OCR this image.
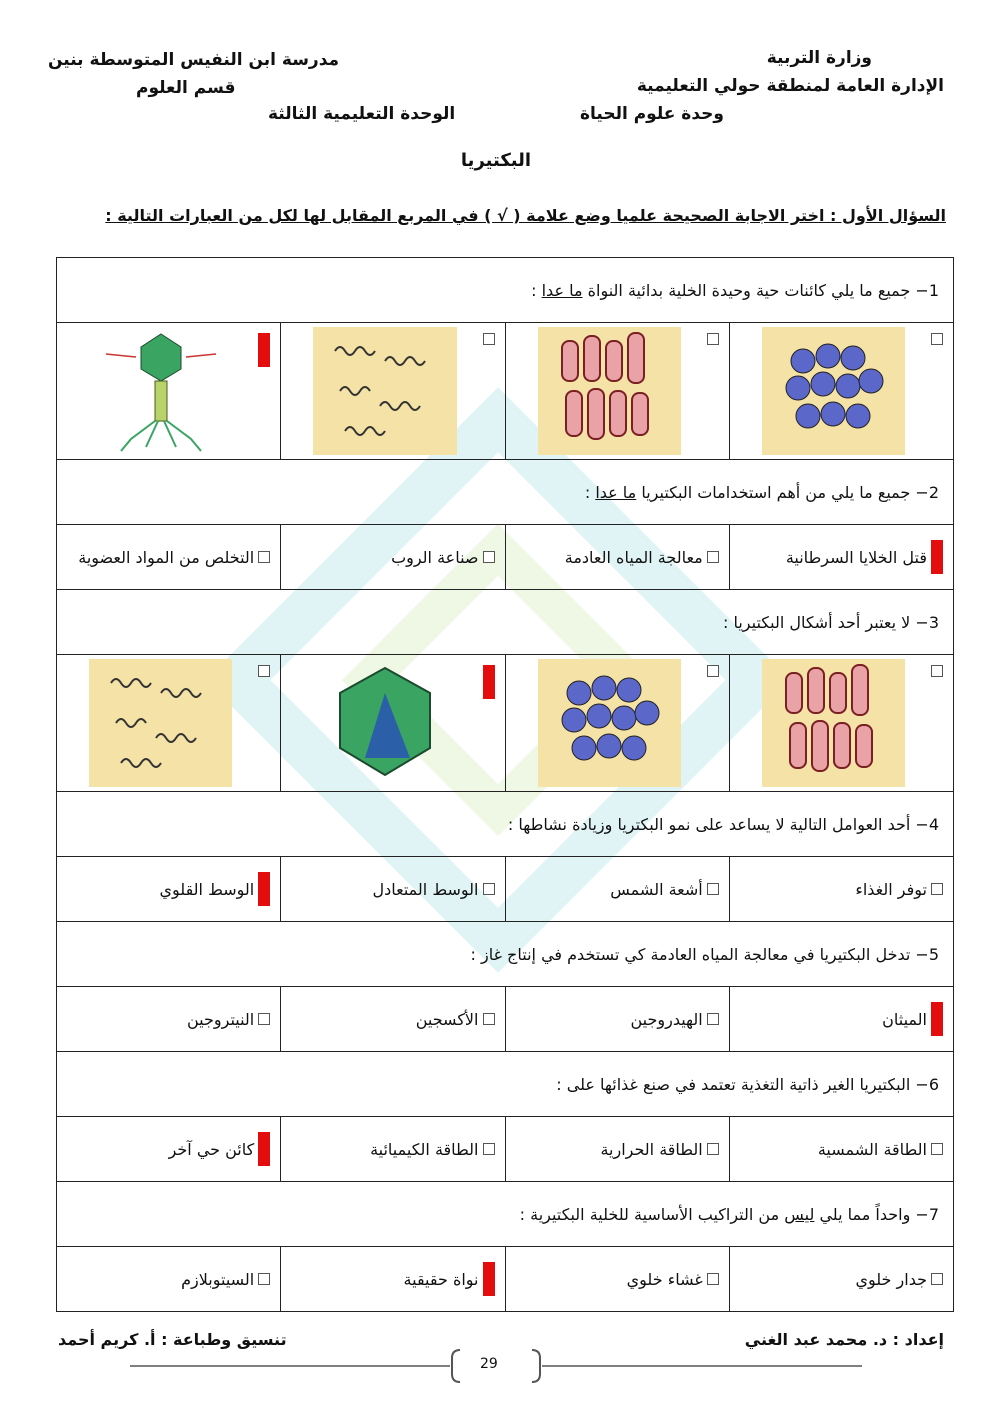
وزارة التربية
الإدارة العامة لمنطقة حولي التعليمية
وحدة علوم الحياة
مدرسة ابن النفيس المتوسطة بنين
قسم العلوم
الوحدة التعليمية الثالثة
البكتيريا
السؤال الأول : اختر الاجابة الصحيحة علميا وضع علامة ( √ ) في المربع المقابل لها لكل من العبارات التالية :
1− جميع ما يلي كائنات حية وحيدة الخلية بدائية النواة ما عدا :			

2− جميع ما يلي من أهم استخدامات البكتيريا ما عدا :			

قتل الخلايا السرطانية	معالجة المياه العادمة	صناعة الروب	التخلص من المواد العضوية

3− لا يعتبر أحد أشكال البكتيريا :			

4− أحد العوامل التالية لا يساعد على نمو البكتريا وزيادة نشاطها :			

توفر الغذاء	أشعة الشمس	الوسط المتعادل	الوسط القلوي

5− تدخل البكتيريا في معالجة المياه العادمة كي تستخدم في إنتاج غاز :			

الميثان	الهيدروجين	الأكسجين	النيتروجين

6− البكتيريا الغير ذاتية التغذية تعتمد في صنع غذائها على :			

الطاقة الشمسية	الطاقة الحرارية	الطاقة الكيميائية	كائن حي آخر

7− واحداً مما يلي ليس من التراكيب الأساسية للخلية البكتيرية :			

جدار خلوي	غشاء خلوي	نواة حقيقية	السيتوبلازم
إعداد : د. محمد عبد الغني
تنسيق وطباعة : أ. كريم أحمد
29
